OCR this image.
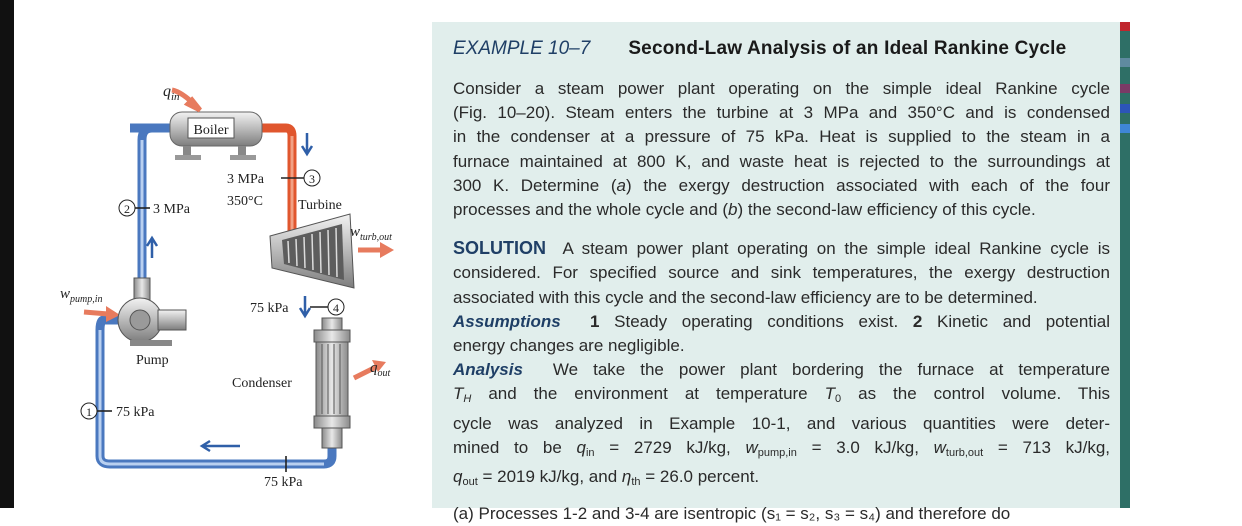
Boiler
$q_{in}$
3
3 MPa
350°C	Turbine
$w_{turb,out}$
2 3 MPa
$w_{pump,in}$
Pump
75 kPa	4
Condenser
$q_{out}$
1 75 kPa
75 kPa
EXAMPLE 10–7 Second-Law Analysis of an Ideal Rankine Cycle
Consider a steam power plant operating on the simple ideal Rankine cycle
(Fig. 10–20). Steam enters the turbine at 3 MPa and 350°C and is condensed
in the condenser at a pressure of 75 kPa. Heat is supplied to the steam in a
furnace maintained at 800 K, and waste heat is rejected to the surroundings at
300 K. Determine (a) the exergy destruction associated with each of the four
processes and the whole cycle and (b) the second-law efficiency of this cycle.
SOLUTION  A steam power plant operating on the simple ideal Rankine cycle is
considered. For specified source and sink temperatures, the exergy destruction
associated with this cycle and the second-law efficiency are to be determined.
Assumptions  1 Steady operating conditions exist. 2 Kinetic and potential
energy changes are negligible.
Analysis  We take the power plant bordering the furnace at temperature
$T_H$ and the environment at temperature $T_0$ as the control volume. This
cycle was analyzed in Example 10-1, and various quantities were deter-
mined to be $q_{in} = 2729$ kJ/kg, $w_{pump,in} = 3.0$ kJ/kg, $w_{turb,out} = 713$ kJ/kg,
$q_{out} = 2019$ kJ/kg, and $\eta_{th} = 26.0$ percent.
(a) Processes 1-2 and 3-4 are isentropic (s₁ = s₂, s₃ = s₄) and therefore do
